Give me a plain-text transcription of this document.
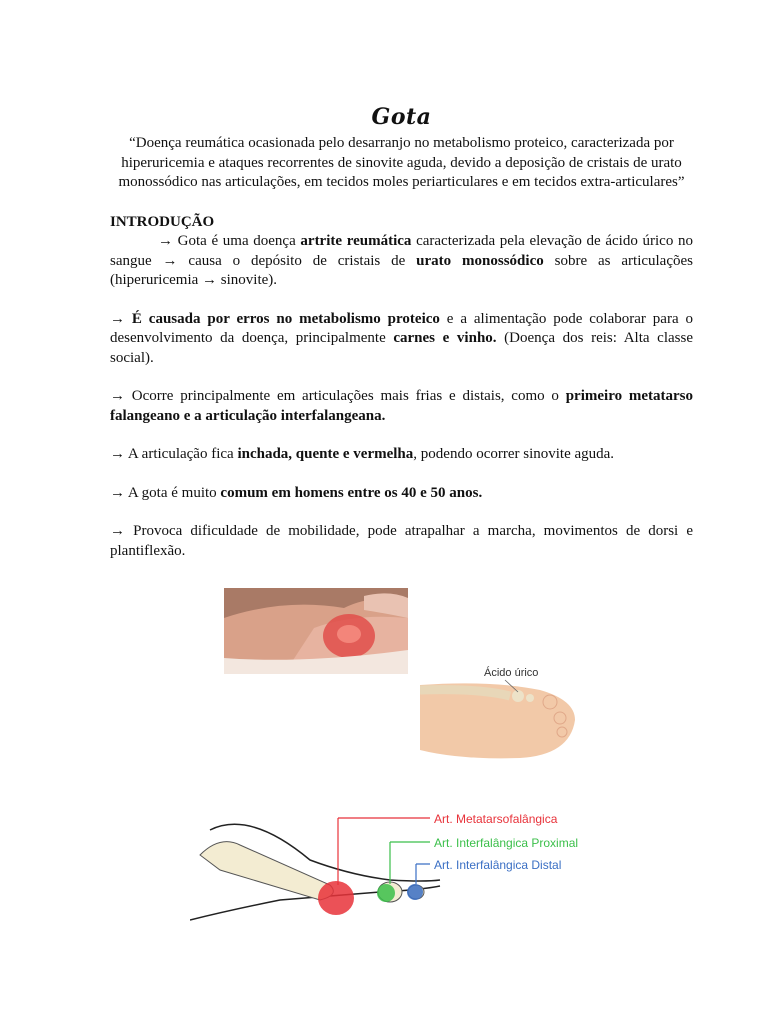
Gota

“Doença reumática ocasionada pelo desarranjo no metabolismo proteico, caracterizada por hiperuricemia e ataques recorrentes de sinovite aguda, devido a deposição de cristais de urato monossódico nas articulações, em tecidos moles periarticulares e em tecidos extra-articulares”

INTRODUÇÃO

→ Gota é uma doença artrite reumática caracterizada pela elevação de ácido úrico no sangue → causa o depósito de cristais de urato monossódico sobre as articulações (hiperuricemia → sinovite).

→ É causada por erros no metabolismo proteico e a alimentação pode colaborar para o desenvolvimento da doença, principalmente carnes e vinho. (Doença dos reis: Alta classe social).

→ Ocorre principalmente em articulações mais frias e distais, como o primeiro metatarso falangeano e a articulação interfalangeana.

→ A articulação fica inchada, quente e vermelha, podendo ocorrer sinovite aguda.

→ A gota é muito comum em homens entre os 40 e 50 anos.

→ Provoca dificuldade de mobilidade, pode atrapalhar a marcha, movimentos de dorsi e plantiflexão.

Ácido úrico
Art. Metatarsofalângica
Art. Interfalângica Proximal
Art. Interfalângica Distal
